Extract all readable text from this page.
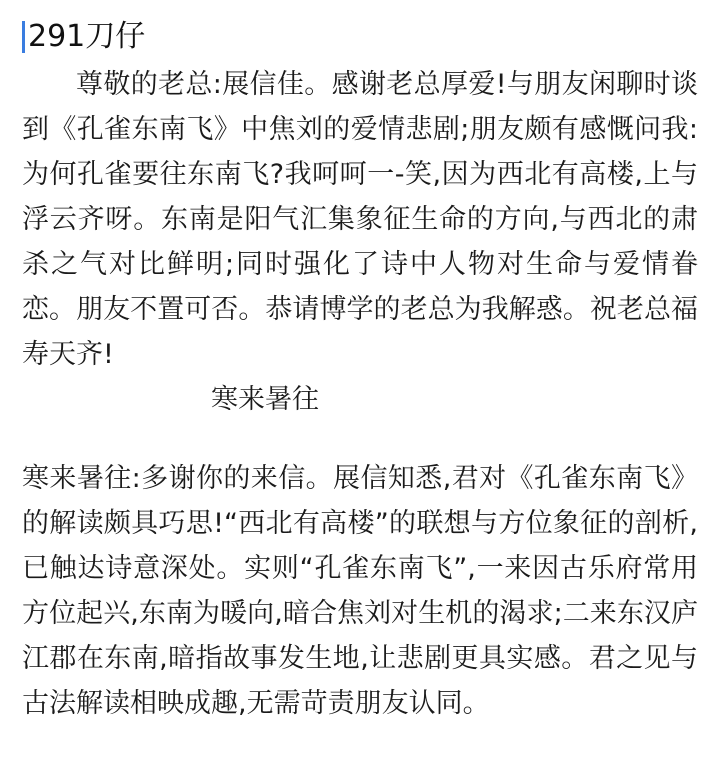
291刀仔
尊敬的老总:展信佳。感谢老总厚爱!与朋友闲聊时谈到《孔雀东南飞》中焦刘的爱情悲剧;朋友颇有感慨问我:为何孔雀要往东南飞?我呵呵一-笑,因为西北有高楼,上与浮云齐呀。东南是阳气汇集象征生命的方向,与西北的肃杀之气对比鲜明;同时强化了诗中人物对生命与爱情眷恋。朋友不置可否。恭请博学的老总为我解惑。祝老总福寿天齐!
寒来暑往
寒来暑往:多谢你的来信。展信知悉,君对《孔雀东南飞》的解读颇具巧思!“西北有高楼”的联想与方位象征的剖析,已触达诗意深处。实则“孔雀东南飞”,一来因古乐府常用方位起兴,东南为暖向,暗合焦刘对生机的渴求;二来东汉庐江郡在东南,暗指故事发生地,让悲剧更具实感。君之见与古法解读相映成趣,无需苛责朋友认同。
